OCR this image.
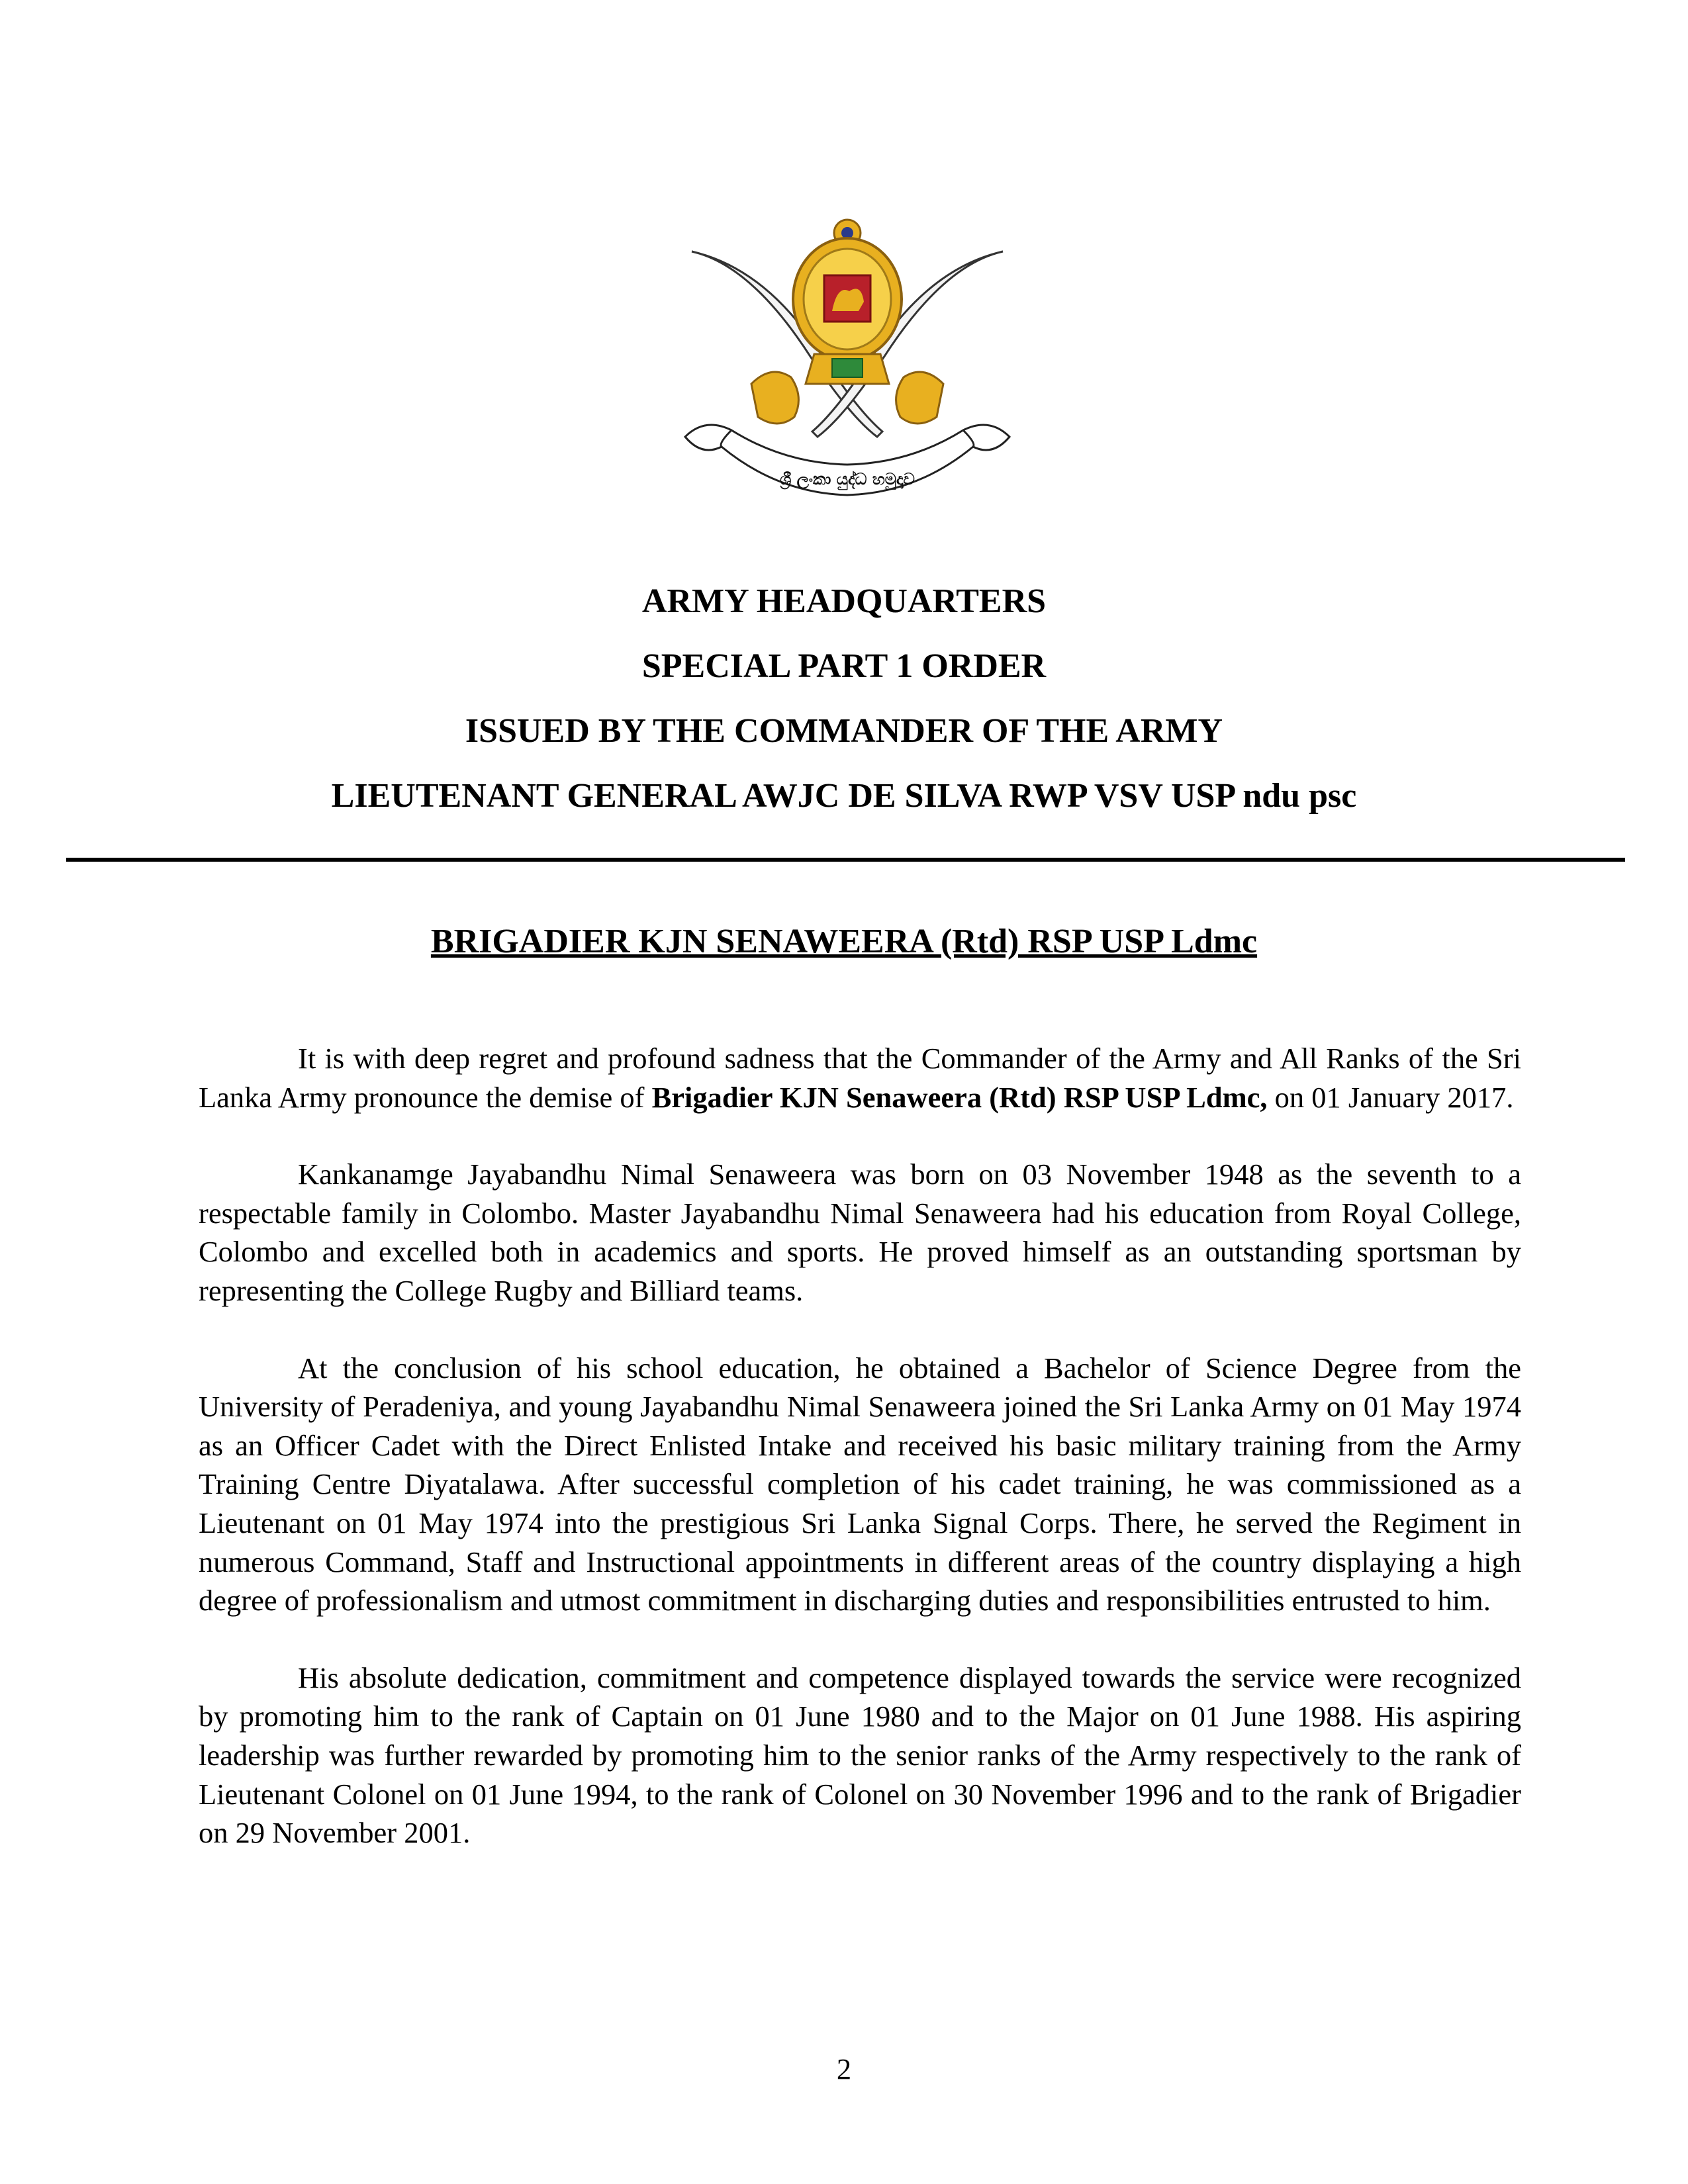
ශ්‍රී ලංකා යුද්ධ හමුදාව
ARMY HEADQUARTERS
SPECIAL PART 1 ORDER
ISSUED BY THE COMMANDER OF THE ARMY
LIEUTENANT GENERAL AWJC DE SILVA RWP VSV USP ndu psc
BRIGADIER KJN SENAWEERA (Rtd) RSP USP Ldmc

It is with deep regret and profound sadness that the Commander of the Army and All Ranks of the Sri Lanka Army pronounce the demise of Brigadier KJN Senaweera (Rtd) RSP USP Ldmc, on 01 January 2017.

Kankanamge Jayabandhu Nimal Senaweera was born on 03 November 1948 as the seventh to a respectable family in Colombo. Master Jayabandhu Nimal Senaweera had his education from Royal College, Colombo and excelled both in academics and sports. He proved himself as an outstanding sportsman by representing the College Rugby and Billiard teams.

At the conclusion of his school education, he obtained a Bachelor of Science Degree from the University of Peradeniya, and young Jayabandhu Nimal Senaweera joined the Sri Lanka Army on 01 May 1974 as an Officer Cadet with the Direct Enlisted Intake and received his basic military training from the Army Training Centre Diyatalawa. After successful completion of his cadet training, he was commissioned as a Lieutenant on 01 May 1974 into the prestigious Sri Lanka Signal Corps. There, he served the Regiment in numerous Command, Staff and Instructional appointments in different areas of the country displaying a high degree of professionalism and utmost commitment in discharging duties and responsibilities entrusted to him.

His absolute dedication, commitment and competence displayed towards the service were recognized by promoting him to the rank of Captain on 01 June 1980 and to the Major on 01 June 1988. His aspiring leadership was further rewarded by promoting him to the senior ranks of the Army respectively to the rank of Lieutenant Colonel on 01 June 1994, to the rank of Colonel on 30 November 1996 and to the rank of Brigadier on 29 November 2001.

2
